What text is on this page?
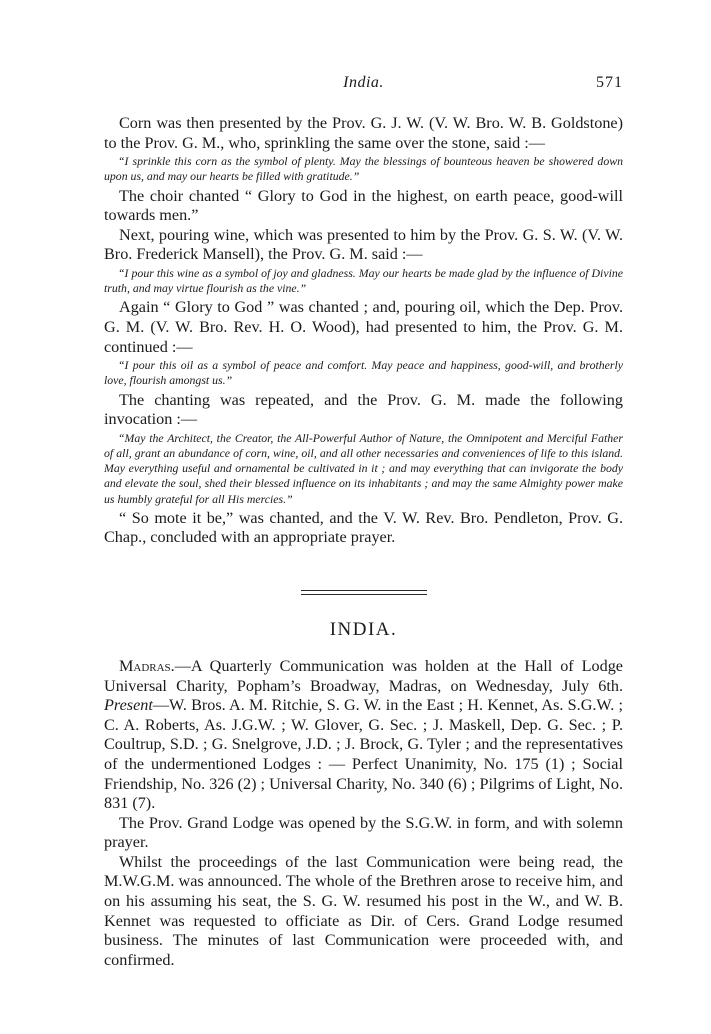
India.	571

Corn was then presented by the Prov. G. J. W. (V. W. Bro. W. B. Goldstone) to the Prov. G. M., who, sprinkling the same over the stone, said :—

“I sprinkle this corn as the symbol of plenty. May the blessings of bounteous heaven be showered down upon us, and may our hearts be filled with gratitude.”

The choir chanted “ Glory to God in the highest, on earth peace, good-will towards men.”

Next, pouring wine, which was presented to him by the Prov. G. S. W. (V. W. Bro. Frederick Mansell), the Prov. G. M. said :—

“I pour this wine as a symbol of joy and gladness. May our hearts be made glad by the influence of Divine truth, and may virtue flourish as the vine.”

Again “ Glory to God ” was chanted ; and, pouring oil, which the Dep. Prov. G. M. (V. W. Bro. Rev. H. O. Wood), had presented to him, the Prov. G. M. continued :—

“I pour this oil as a symbol of peace and comfort. May peace and happiness, good-will, and brotherly love, flourish amongst us.”

The chanting was repeated, and the Prov. G. M. made the following invocation :—

“May the Architect, the Creator, the All-Powerful Author of Nature, the Omnipotent and Merciful Father of all, grant an abundance of corn, wine, oil, and all other necessaries and conveniences of life to this island. May everything useful and ornamental be cultivated in it ; and may everything that can invigorate the body and elevate the soul, shed their blessed influence on its inhabitants ; and may the same Almighty power make us humbly grateful for all His mercies.”

“ So mote it be,” was chanted, and the V. W. Rev. Bro. Pendleton, Prov. G. Chap., concluded with an appropriate prayer.

INDIA.

Madras.—A Quarterly Communication was holden at the Hall of Lodge Universal Charity, Popham’s Broadway, Madras, on Wednesday, July 6th. Present—W. Bros. A. M. Ritchie, S. G. W. in the East ; H. Kennet, As. S.G.W. ; C. A. Roberts, As. J.G.W. ; W. Glover, G. Sec. ; J. Maskell, Dep. G. Sec. ; P. Coultrup, S.D. ; G. Snelgrove, J.D. ; J. Brock, G. Tyler ; and the representatives of the undermentioned Lodges : — Perfect Unanimity, No. 175 (1) ; Social Friendship, No. 326 (2) ; Universal Charity, No. 340 (6) ; Pilgrims of Light, No. 831 (7).

The Prov. Grand Lodge was opened by the S.G.W. in form, and with solemn prayer.

Whilst the proceedings of the last Communication were being read, the M.W.G.M. was announced. The whole of the Brethren arose to receive him, and on his assuming his seat, the S. G. W. resumed his post in the W., and W. B. Kennet was requested to officiate as Dir. of Cers. Grand Lodge resumed business. The minutes of last Communication were proceeded with, and confirmed.
